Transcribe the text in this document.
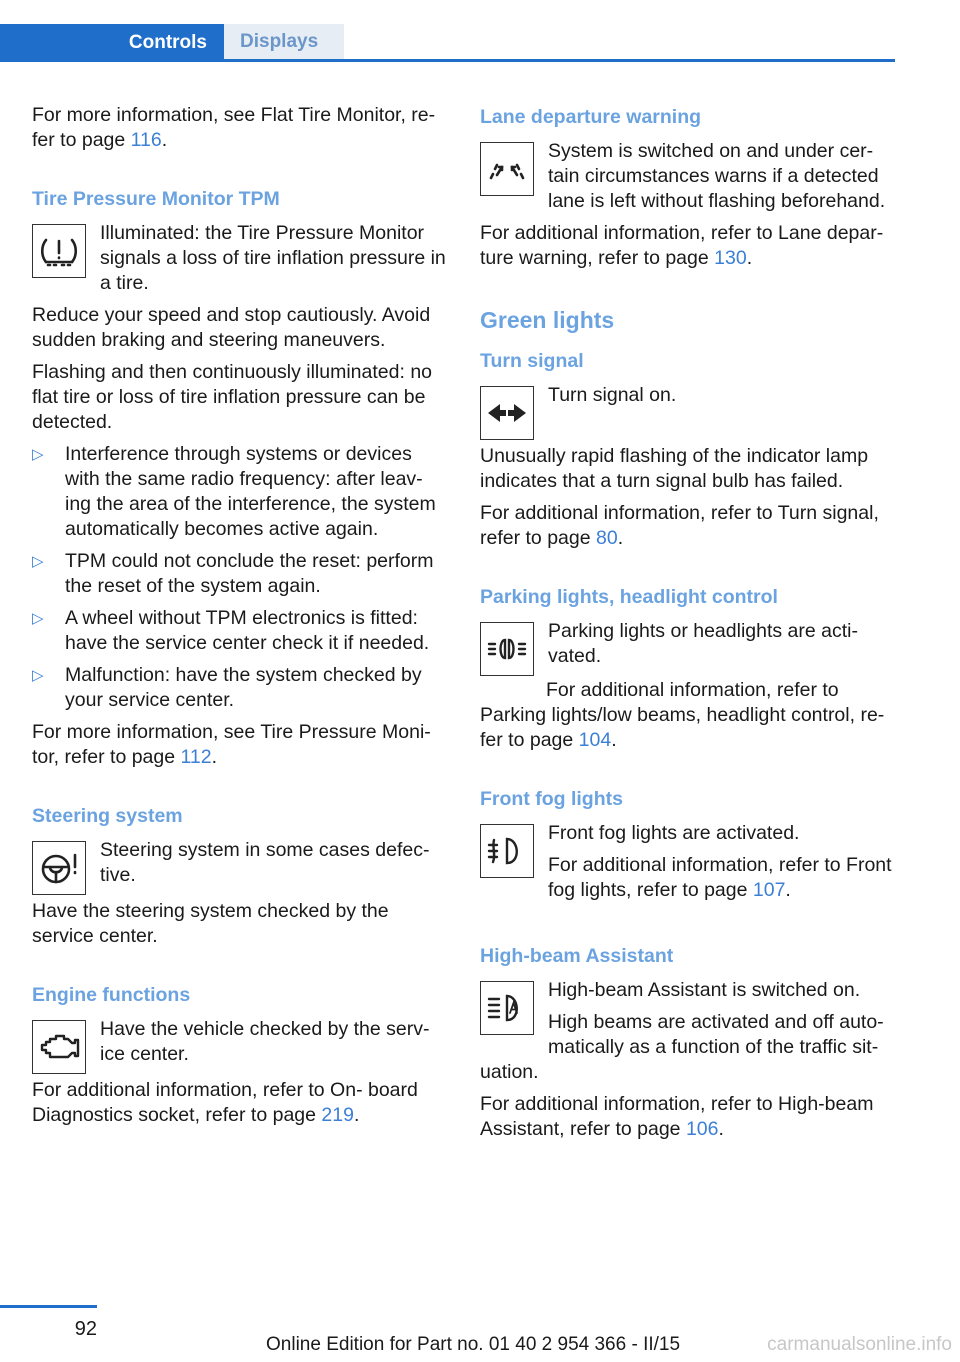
Controls	Displays

For more information, see Flat Tire Monitor, re‐ fer to page 116.

Tire Pressure Monitor TPM

Illuminated: the Tire Pressure Monitor signals a loss of tire inflation pressure in a tire.

Reduce your speed and stop cautiously. Avoid sudden braking and steering maneuvers.

Flashing and then continuously illuminated: no flat tire or loss of tire inflation pressure can be detected.

▷ Interference through systems or devices with the same radio frequency: after leav‐ ing the area of the interference, the system automatically becomes active again.
▷ TPM could not conclude the reset: perform the reset of the system again.
▷ A wheel without TPM electronics is fitted: have the service center check it if needed.
▷ Malfunction: have the system checked by your service center.

For more information, see Tire Pressure Moni‐ tor, refer to page 112.

Steering system

Steering system in some cases defec‐ tive.

Have the steering system checked by the service center.

Engine functions

Have the vehicle checked by the serv‐ ice center.

For additional information, refer to On- board Diagnostics socket, refer to page 219.

Lane departure warning

System is switched on and under cer‐ tain circumstances warns if a detected lane is left without flashing beforehand.

For additional information, refer to Lane depar‐ ture warning, refer to page 130.

Green lights
Turn signal

Turn signal on.

Unusually rapid flashing of the indicator lamp indicates that a turn signal bulb has failed.

For additional information, refer to Turn signal, refer to page 80.

Parking lights, headlight control

Parking lights or headlights are acti‐ vated.

For additional information, refer to Parking lights/low beams, headlight control, re‐ fer to page 104.

Front fog lights

Front fog lights are activated.

For additional information, refer to Front fog lights, refer to page 107.

High-beam Assistant

High-beam Assistant is switched on.

High beams are activated and off auto‐ matically as a function of the traffic sit‐ uation.

For additional information, refer to High-beam Assistant, refer to page 106.

92
Online Edition for Part no. 01 40 2 954 366 - II/15	carmanualsonline.info
